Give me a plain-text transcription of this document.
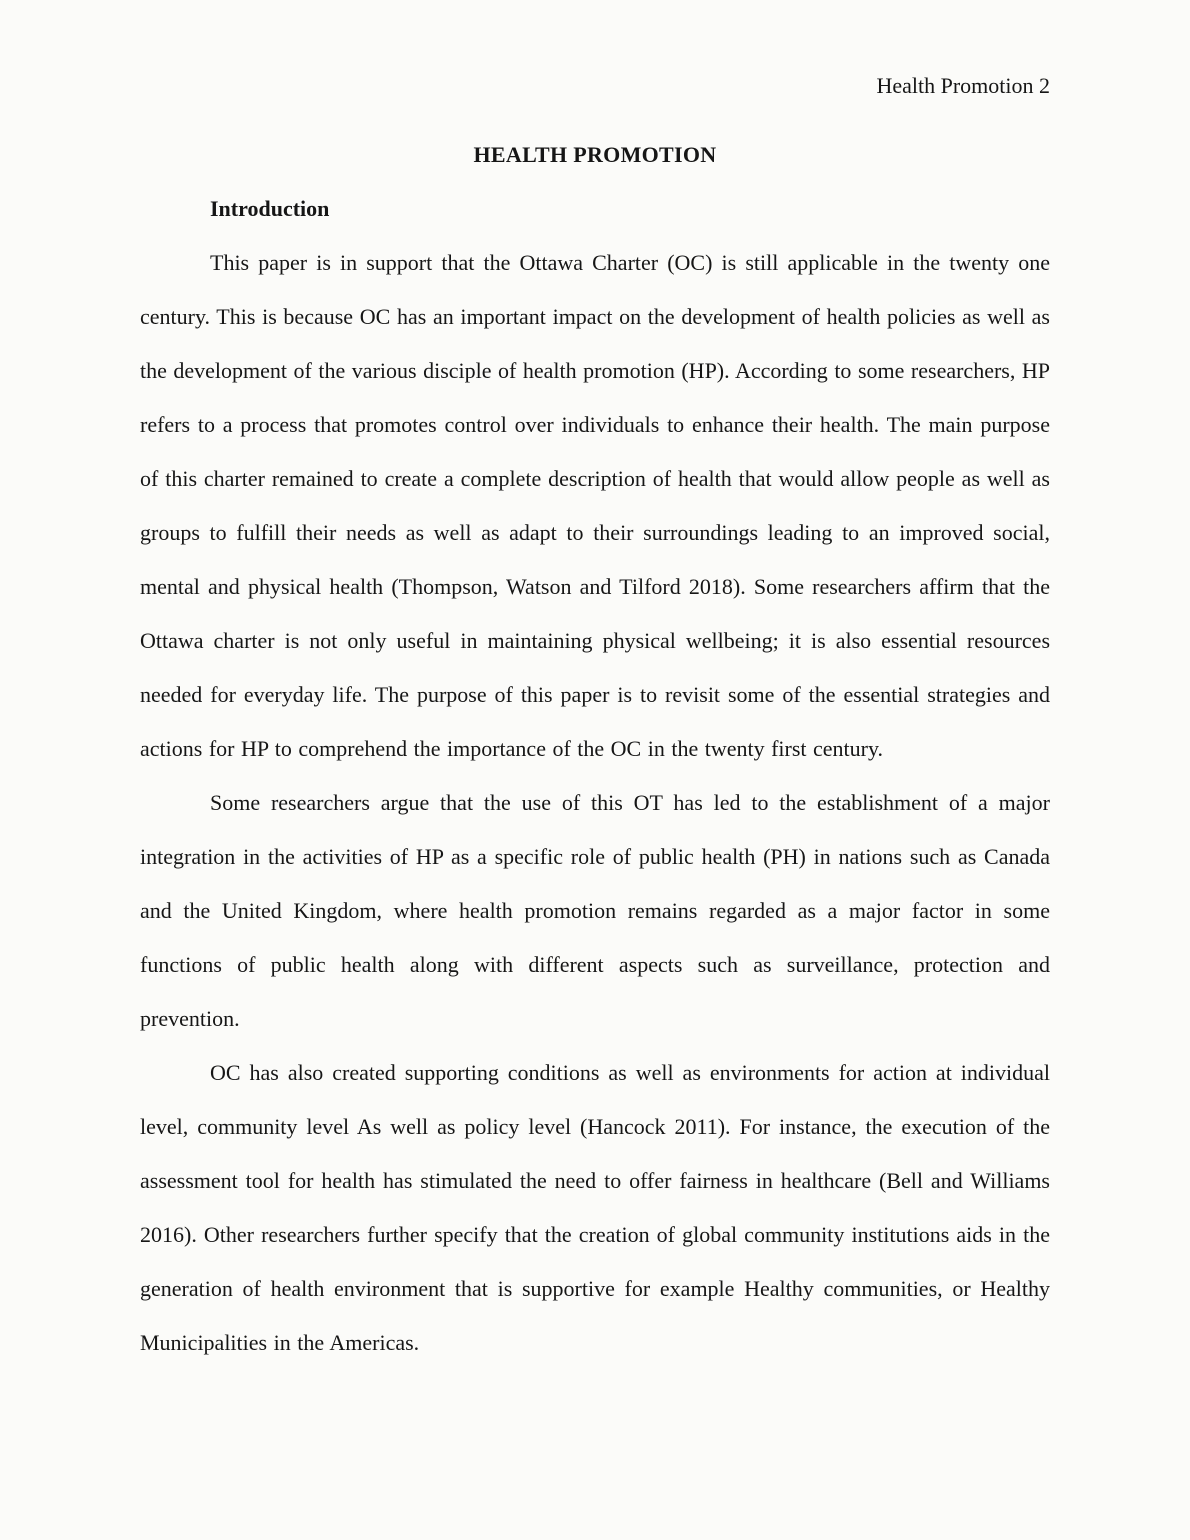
Health Promotion 2
HEALTH PROMOTION
Introduction

This paper is in support that the Ottawa Charter (OC) is still applicable in the twenty one century. This is because OC has an important impact on the development of health policies as well as the development of the various disciple of health promotion (HP). According to some researchers, HP refers to a process that promotes control over individuals to enhance their health. The main purpose of this charter remained to create a complete description of health that would allow people as well as groups to fulfill their needs as well as adapt to their surroundings leading to an improved social, mental and physical health (Thompson, Watson and Tilford 2018). Some researchers affirm that the Ottawa charter is not only useful in maintaining physical wellbeing; it is also essential resources needed for everyday life. The purpose of this paper is to revisit some of the essential strategies and actions for HP to comprehend the importance of the OC in the twenty first century.

Some researchers argue that the use of this OT has led to the establishment of a major integration in the activities of HP as a specific role of public health (PH) in nations such as Canada and the United Kingdom, where health promotion remains regarded as a major factor in some functions of public health along with different aspects such as surveillance, protection and prevention.

OC has also created supporting conditions as well as environments for action at individual level, community level As well as policy level (Hancock 2011). For instance, the execution of the assessment tool for health has stimulated the need to offer fairness in healthcare (Bell and Williams 2016). Other researchers further specify that the creation of global community institutions aids in the generation of health environment that is supportive for example Healthy communities, or Healthy Municipalities in the Americas.
